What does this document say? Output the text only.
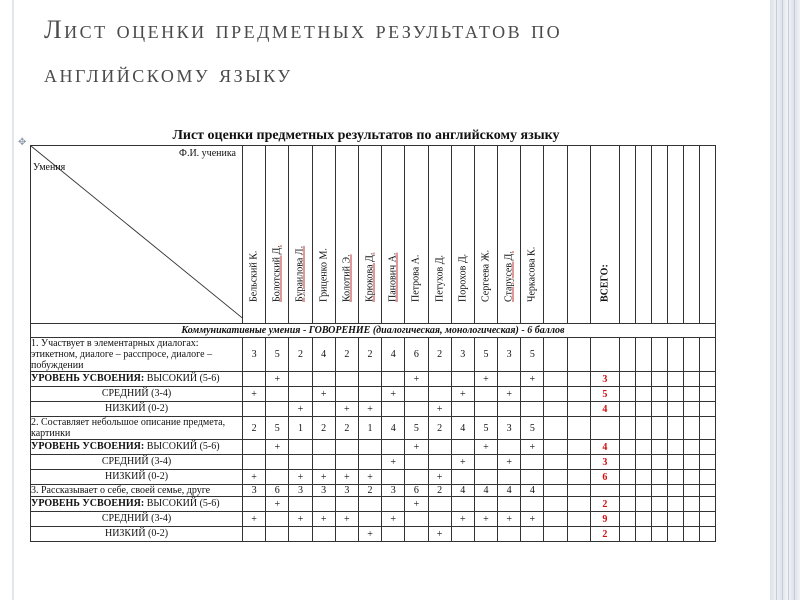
Лист оценки предметных результатов по
английскому языку
✥	Лист оценки предметных результатов по английскому языку
Ф.И. ученика
Умения	Бельский К.	Болотский Д.	Бураилова Л.	Гриценко М.	Колотий Э.	Крюкова Д.	Панович А.	Петрова А.	Петухов Д.	Порохов Д.	Сергеева Ж.	Старусев Д.	Черкасова К.			ВСЕГО:						

Коммуникативные умения - ГОВОРЕНИЕ (диалогическая, монологическая) - 6 баллов																						
1. Участвует в элементарных диалогах: этикетном, диалоге – расспросе, диалоге – побуждении	3	5	2	4	2	2	4	6	2	3	5	3	5									
УРОВЕНЬ УСВОЕНИЯ: ВЫСОКИЙ (5-6)		+						+			+		+			3						
СРЕДНИЙ (3-4)	+			+			+			+		+				5						
НИЗКИЙ (0-2)			+		+	+			+							4						
2. Составляет небольшое описание предмета, картинки	2	5	1	2	2	1	4	5	2	4	5	3	5									
УРОВЕНЬ УСВОЕНИЯ: ВЫСОКИЙ (5-6)		+						+			+		+			4						
СРЕДНИЙ (3-4)							+			+		+				3						
НИЗКИЙ (0-2)	+		+	+	+	+			+							6						
3. Рассказывает о себе, своей семье, друге	3	6	3	3	3	2	3	6	2	4	4	4	4									
УРОВЕНЬ УСВОЕНИЯ: ВЫСОКИЙ (5-6)		+						+								2						
СРЕДНИЙ (3-4)	+		+	+	+		+			+	+	+	+			9						
НИЗКИЙ (0-2)						+			+							2						
